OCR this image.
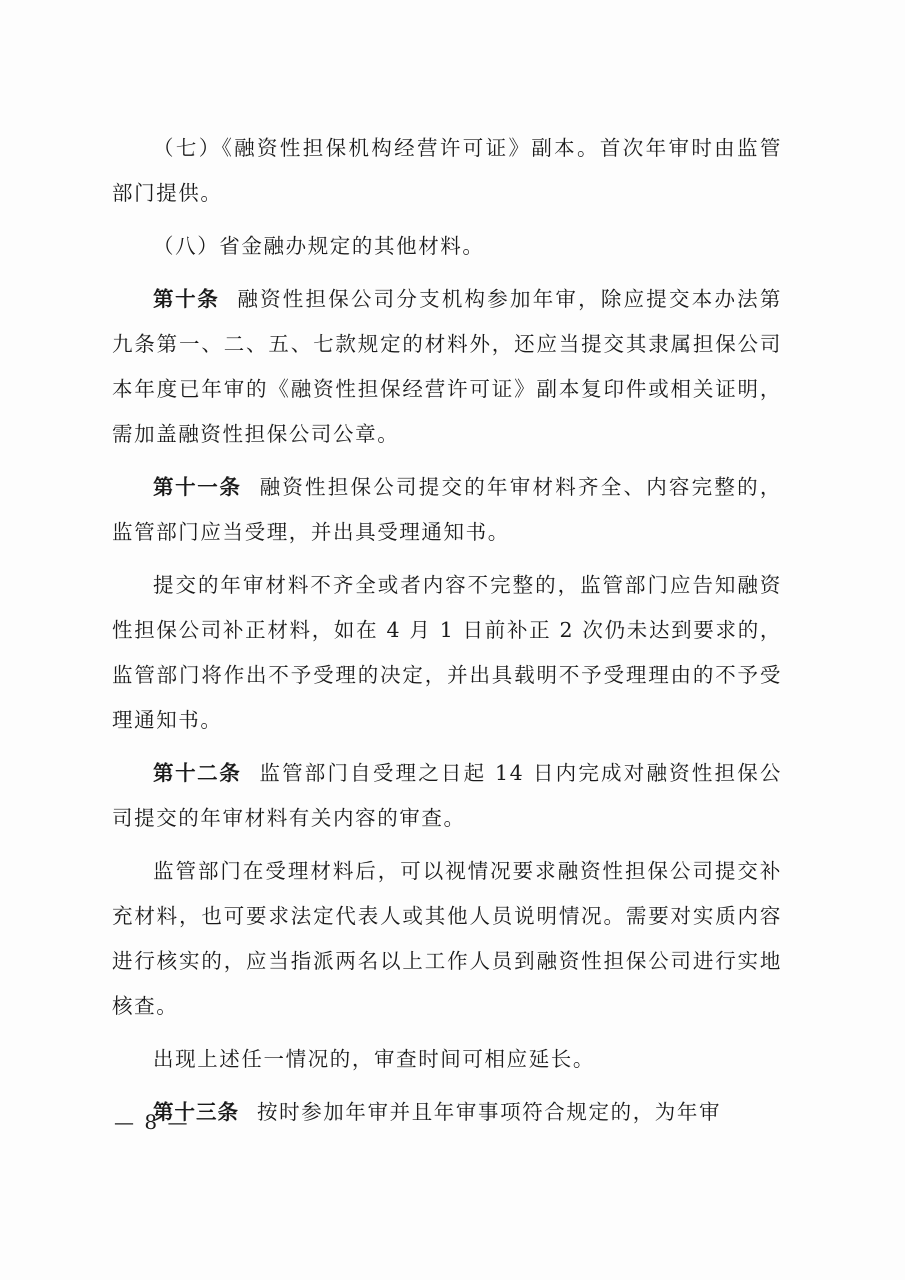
（七）《融资性担保机构经营许可证》副本。首次年审时由监管部门提供。

（八）省金融办规定的其他材料。

第十条 融资性担保公司分支机构参加年审，除应提交本办法第九条第一、二、五、七款规定的材料外，还应当提交其隶属担保公司本年度已年审的《融资性担保经营许可证》副本复印件或相关证明，需加盖融资性担保公司公章。

第十一条 融资性担保公司提交的年审材料齐全、内容完整的，监管部门应当受理，并出具受理通知书。

提交的年审材料不齐全或者内容不完整的，监管部门应告知融资性担保公司补正材料，如在 4 月 1 日前补正 2 次仍未达到要求的，监管部门将作出不予受理的决定，并出具载明不予受理理由的不予受理通知书。

第十二条 监管部门自受理之日起 14 日内完成对融资性担保公司提交的年审材料有关内容的审查。

监管部门在受理材料后，可以视情况要求融资性担保公司提交补充材料，也可要求法定代表人或其他人员说明情况。需要对实质内容进行核实的，应当指派两名以上工作人员到融资性担保公司进行实地核查。

出现上述任一情况的，审查时间可相应延长。

第十三条 按时参加年审并且年审事项符合规定的，为年审

— 8 —
